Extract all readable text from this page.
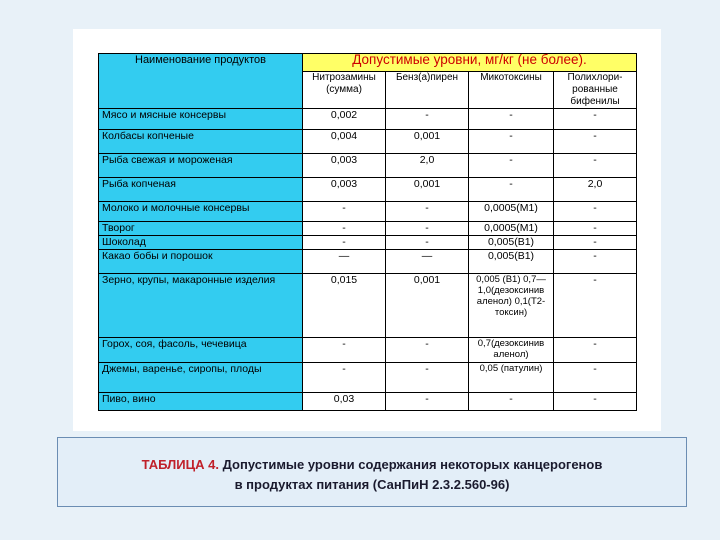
Наименование продуктов	Допустимые уровни, мг/кг (не более).			
	Нитрозамины (сумма)	Бенз(а)пирен	Микотоксины	Полихлори-рованные бифенилы
Мясо и мясные консервы	0,002	-	-	-
Колбасы копченые	0,004	0,001	-	-
Рыба свежая и мороженая	0,003	2,0	-	-
Рыба копченая	0,003	0,001	-	2,0
Молоко и молочные консервы	-	-	0,0005(М1)	-
Творог	-	-	0,0005(М1)	-
Шоколад	-	-	0,005(В1)	-
Какао бобы и порошок	—	—	0,005(В1)	-
Зерно, крупы, макаронные изделия	0,015	0,001	0,005 (В1) 0,7— 1,0(дезоксинив аленол) 0,1(Т2-токсин)	-
Горох, соя, фасоль, чечевица	-	-	0,7(дезоксинив аленол)	-
Джемы, варенье, сиропы, плоды	-	-	0,05 (патулин)	-
Пиво, вино	0,03	-	-	-
ТАБЛИЦА 4. Допустимые уровни содержания некоторых канцерогенов
в продуктах питания (СанПиН 2.3.2.560-96)
